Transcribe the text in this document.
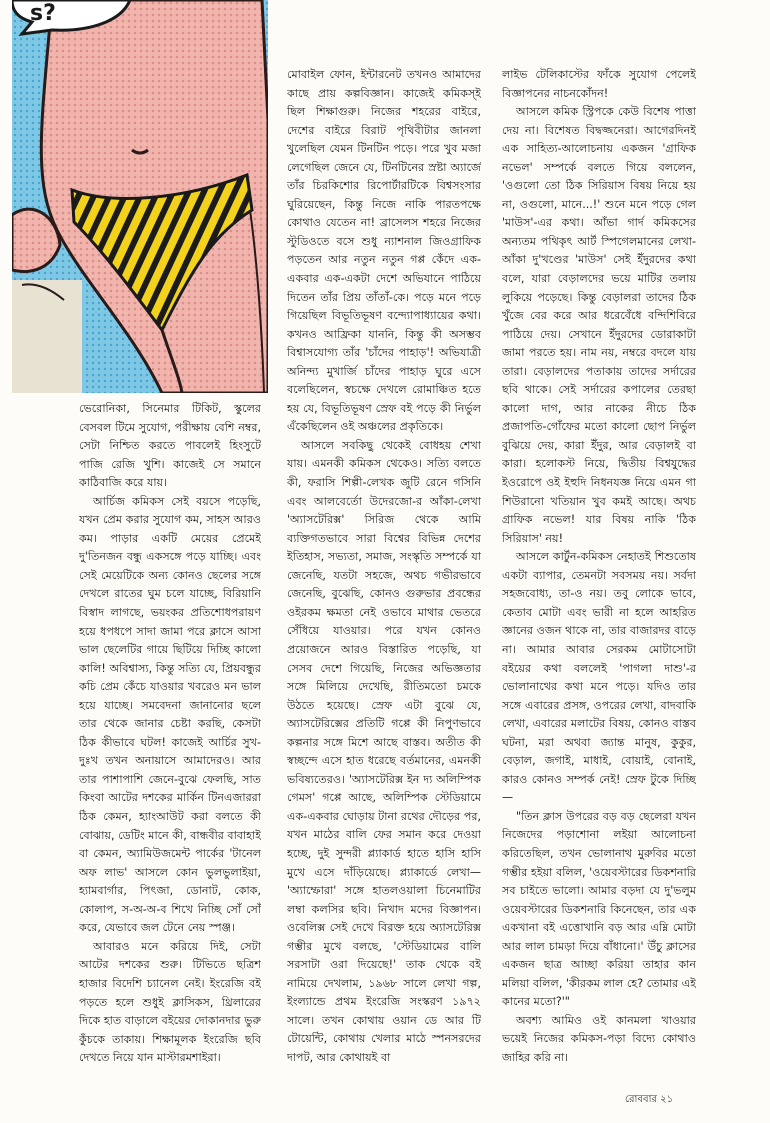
s?

ভেরোনিকা, সিনেমার টিকিট, স্কুলের বেসবল টিমে সুযোগ, পরীক্ষায় বেশি নম্বর, সেটা নিশ্চিত করতে পাবলেই হিংসুটে পাজি রেজি খুশি। কাজেই সে সমানে কাঠিবাজি করে যায়।

আর্চিজ কমিকস সেই বয়সে পড়েছি, যখন প্রেম করার সুযোগ কম, সাহস আরও কম। পাড়ার একটি মেয়ের প্রেমেই দু'তিনজন বন্ধু একসঙ্গে পড়ে যাচ্ছি। এবং সেই মেয়েটিকে অন্য কোনও ছেলের সঙ্গে দেখলে রাতের ঘুম চলে যাচ্ছে, বিরিয়ানি বিস্বাদ লাগছে, ভয়ংকর প্রতিশোধপরায়ণ হয়ে ধপধপে সাদা জামা পরে ক্লাসে আসা ভাল ছেলেটির গায়ে ছিটিয়ে দিচ্ছি কালো কালি! অবিশ্বাস্য, কিন্তু সত্যি যে, প্রিয়বন্ধুর কচি প্রেম কেঁচে যাওয়ার খবরেও মন ভাল হয়ে যাচ্ছে। সমবেদনা জানানোর ছলে তার থেকে জানার চেষ্টা করছি, কেসটা ঠিক কীভাবে ঘটল! কাজেই আর্চির সুখ-দুঃখ তখন অনায়াসে আমাদেরও। আর তার পাশাপাশি জেনে-বুঝে ফেলছি, সাত কিংবা আটের দশকের মার্কিন টিনএজাররা ঠিক কেমন, হ্যাংআউট করা বলতে কী বোঝায়, ডেটিং মানে কী, বান্ধবীর বাবাহাই বা কেমন, অ্যামিউজমেন্ট পার্কের 'টানেল অফ লাভ' আসলে কোন ভুলভুলাইয়া, হ্যামবার্গার, পিৎজা, ডোনাট, কোক, কোলাপ, স-অ-অ-ব শিখে নিচ্ছি সোঁ সোঁ করে, যেভাবে জল টেনে নেয় স্পঞ্জ।

আবারও মনে করিয়ে দিই, সেটা আটের দশকের শুরু। টিভিতে ছত্রিশ হাজার বিদেশি চ্যানেল নেই। ইংরেজি বই পড়তে হলে শুধুই ক্লাসিকস, থ্রিলারের দিকে হাত বাড়ালে বইয়ের দোকানদার ভুরু কুঁচকে তাকায়। শিক্ষামূলক ইংরেজি ছবি দেখতে নিয়ে যান মাস্টারমশাইরা।

মোবাইল ফোন, ইন্টারনেট তখনও আমাদের কাছে প্রায় কল্পবিজ্ঞান। কাজেই কমিকস্‌ই ছিল শিক্ষাগুরু। নিজের শহরের বাইরে, দেশের বাইরে বিরাট পৃথিবীটার জানলা খুলেছিল যেমন টিনটিন পড়ে। পরে খুব মজা লেগেছিল জেনে যে, টিনটিনের স্রষ্টা অ্যার্জে তাঁর চিরকিশোর রিপোর্টারটিকে বিশ্বসংসার ঘুরিয়েছেন, কিন্তু নিজে নাকি পারতপক্ষে কোথাও যেতেন না! ব্রাসেলস শহরে নিজের স্টুডিওতে বসে শুধু ন্যাশনাল জিওগ্রাফিক পড়তেন আর নতুন নতুন গপ্প কেঁদে এক-একবার এক-একটা দেশে অভিযানে পাঠিয়ে দিতেন তাঁর প্রিয় তাঁতাঁ-কে। পড়ে মনে পড়ে গিয়েছিল বিভূতিভূষণ বন্দ্যোপাধ্যায়ের কথা। কখনও আফ্রিকা যাননি, কিন্তু কী অসম্ভব বিশ্বাসযোগ্য তাঁর 'চাঁদের পাহাড়'! অভিযাত্রী অনিন্দ্য মুখার্জি চাঁদের পাহাড় ঘুরে এসে বলেছিলেন, স্বচক্ষে দেখলে রোমাঞ্চিত হতে হয় যে, বিভূতিভূষণ স্রেফ বই পড়ে কী নির্ভুল এঁকেছিলেন ওই অঞ্চলের প্রকৃতিকে।

আসলে সবকিছু থেকেই বোধহয় শেখা যায়। এমনকী কমিকস থেকেও। সত্যি বলতে কী, ফরাসি শিল্পী-লেখক জুটি রেনে গসিনি এবং আলবের্তো উদেরজো-র আঁকা-লেখা 'অ্যাসটেরিক্স' সিরিজ থেকে আমি ব্যক্তিগতভাবে সারা বিশ্বের বিভিন্ন দেশের ইতিহাস, সভ্যতা, সমাজ, সংস্কৃতি সম্পর্কে যা জেনেছি, যতটা সহজে, অথচ গভীরভাবে জেনেছি, বুঝেছি, কোনও গুরুভার প্রবন্ধের ওইরকম ক্ষমতা নেই ওভাবে মাথার ভেতরে সেঁধিয়ে যাওয়ার। পরে যখন কোনও প্রয়োজনে আরও বিস্তারিত পড়েছি, যা সেসব দেশে গিয়েছি, নিজের অভিজ্ঞতার সঙ্গে মিলিয়ে দেখেছি, রীতিমতো চমকে উঠতে হয়েছে। স্রেফ এটা বুঝে যে, অ্যাসটেরিক্সের প্রতিটি গপ্পে কী নিপুণভাবে কল্পনার সঙ্গে মিশে আছে বাস্তব। অতীত কী স্বচ্ছন্দে এসে হাত ধরেছে বর্তমানের, এমনকী ভবিষ্যতেরও। 'অ্যাসটেরিক্স ইন দ্য অলিম্পিক গেমস' গপ্পে আছে, অলিম্পিক স্টেডিয়ামে এক-একবার ঘোড়ায় টানা রথের দৌড়ের পর, যখন মাঠের বালি ফের সমান করে দেওয়া হচ্ছে, দুই সুন্দরী প্ল্যাকার্ড হাতে হাসি হাসি মুখে এসে দাঁড়িয়েছে। প্ল্যাকার্ডে লেখা— 'অ্যাম্ফোরা' সঙ্গে হাতলওয়ালা চিনেমাটির লম্বা কলসির ছবি। নিখাদ মদের বিজ্ঞাপন। ওবেলিক্স সেই দেখে বিরক্ত হয়ে অ্যাসটেরিক্স গম্ভীর মুখে বলছে, 'স্টেডিয়ামের বালি সরসাটা ওরা দিয়েছে!' তাক থেকে বই নামিয়ে দেখলাম, ১৯৬৮ সালে লেখা গল্প, ইংল্যান্ডে প্রথম ইংরেজি সংস্করণ ১৯৭২ সালে। তখন কোথায় ওয়ান ডে আর টি টোয়েন্টি, কোথায় খেলার মাঠে স্পনসরদের দাপট, আর কোথায়ই বা

লাইভ টেলিকাস্টের ফাঁকে সুযোগ পেলেই বিজ্ঞাপনের নাচনকোঁদন!

আসলে কমিক স্ট্রিপকে কেউ বিশেষ পাত্তা দেয় না। বিশেষত বিদ্বজ্জনেরা। আগেরদিনই এক সাহিত্য-আলোচনায় একজন 'গ্রাফিক নভেল' সম্পর্কে বলতে গিয়ে বললেন, 'ওগুলো তো ঠিক সিরিয়াস বিষয় নিয়ে হয় না, ওগুলো, মানে...!' শুনে মনে পড়ে গেল 'মাউস'-এর কথা। আঁভা গার্দ কমিকসের অন্যতম পথিকৃৎ আর্ট স্পিগেলমানের লেখা-আঁকা দু'খণ্ডের 'মাউস' সেই ইঁদুরদের কথা বলে, যারা বেড়ালদের ভয়ে মাটির তলায় লুকিয়ে পড়েছে। কিন্তু বেড়ালরা তাদের ঠিক খুঁজে বের করে আর ধরেবেঁধে বন্দিশিবিরে পাঠিয়ে দেয়। সেখানে ইঁদুরদের ডোরাকাটা জামা পরতে হয়। নাম নয়, নম্বরে বদলে যায় তারা। বেড়ালদের পতাকায় তাদের সর্দারের ছবি থাকে। সেই সর্দারের কপালের তেরছা কালো দাগ, আর নাকের নীচে ঠিক প্রজাপতি-গোঁফের মতো কালো ছোপ নির্ভুল বুঝিয়ে দেয়, কারা ইঁদুর, আর বেড়ালই বা কারা। হলোকস্ট নিয়ে, দ্বিতীয় বিশ্বযুদ্ধের ইওরোপে ওই ইহুদি নিধনযজ্ঞ নিয়ে এমন গা শিউরানো খতিয়ান খুব কমই আছে। অথচ গ্রাফিক নভেল! যার বিষয় নাকি 'ঠিক সিরিয়াস' নয়!

আসলে কার্টুন-কমিকস নেহাতই শিশুতোষ একটা ব্যাপার, তেমনটা সবসময় নয়। সর্বদা সহজবোধ্য, তা-ও নয়। তবু লোকে ভাবে, কেতাব মোটা এবং ভারী না হলে আহরিত জ্ঞানের ওজন থাকে না, তার বাজারদর বাড়ে না। আমার আবার সেরকম মোটাসোটা বইয়ের কথা বললেই 'পাগলা দাশু'-র ভোলানাথের কথা মনে পড়ে। যদিও তার সঙ্গে এবারের প্রসঙ্গ, ওপরের লেখা, বাদবাকি লেখা, এবারের মলাটের বিষয়, কোনও বাস্তব ঘটনা, মরা অথবা জ্যান্ত মানুষ, কুকুর, বেড়াল, জগাই, মাধাই, বোয়াই, বোনাই, কারও কোনও সম্পর্ক নেই! স্রেফ টুকে দিচ্ছি—

"তিন ক্লাস উপরের বড় বড় ছেলেরা যখন নিজেদের পড়াশোনা লইয়া আলোচনা করিতেছিল, তখন ভোলানাথ মুরুবির মতো গম্ভীর হইয়া বলিল, 'ওয়েবস্টারের ডিকশনারি সব চাইতে ভালো। আমার বড়দা যে দু'ভলুম ওয়েবস্টারের ডিকশনারি কিনেছেন, তার এক একখানা বই এত্তোখানি বড় আর এম্নি মোটা আর লাল চামড়া দিয়ে বাঁধানো।' উঁচু ক্লাসের একজন ছাত্র আচ্ছা করিয়া তাহার কান মলিয়া বলিল, 'কীরকম লাল হে? তোমার এই কানের মতো?'"

অবশ্য আমিও ওই কানমলা খাওয়ার ভয়েই নিজের কমিকস-পড়া বিদ্যে কোথাও জাহির করি না।

রোববার ২১
